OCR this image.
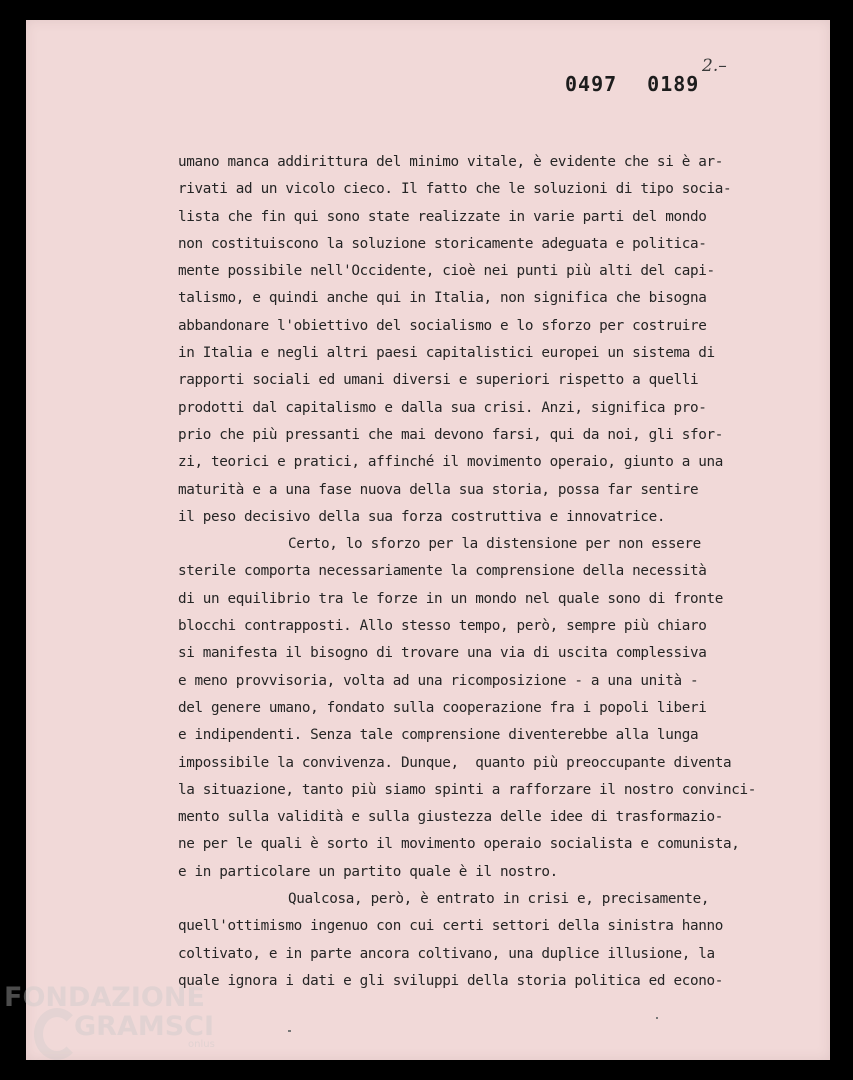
0497 0189
2.–
umano manca addirittura del minimo vitale, è evidente che si è ar-
rivati ad un vicolo cieco. Il fatto che le soluzioni di tipo socia-
lista che fin qui sono state realizzate in varie parti del mondo
non costituiscono la soluzione storicamente adeguata e politica-
mente possibile nell'Occidente, cioè nei punti più alti del capi-
talismo, e quindi anche qui in Italia, non significa che bisogna
abbandonare l'obiettivo del socialismo e lo sforzo per costruire
in Italia e negli altri paesi capitalistici europei un sistema di
rapporti sociali ed umani diversi e superiori rispetto a quelli
prodotti dal capitalismo e dalla sua crisi. Anzi, significa pro-
prio che più pressanti che mai devono farsi, qui da noi, gli sfor-
zi, teorici e pratici, affinché il movimento operaio, giunto a una
maturità e a una fase nuova della sua storia, possa far sentire
il peso decisivo della sua forza costruttiva e innovatrice.
Certo, lo sforzo per la distensione per non essere
sterile comporta necessariamente la comprensione della necessità
di un equilibrio tra le forze in un mondo nel quale sono di fronte
blocchi contrapposti. Allo stesso tempo, però, sempre più chiaro
si manifesta il bisogno di trovare una via di uscita complessiva
e meno provvisoria, volta ad una ricomposizione - a una unità -
del genere umano, fondato sulla cooperazione fra i popoli liberi
e indipendenti. Senza tale comprensione diventerebbe alla lunga
impossibile la convivenza. Dunque,  quanto più preoccupante diventa
la situazione, tanto più siamo spinti a rafforzare il nostro convinci-
mento sulla validità e sulla giustezza delle idee di trasformazio-
ne per le quali è sorto il movimento operaio socialista e comunista,
e in particolare un partito quale è il nostro.
Qualcosa, però, è entrato in crisi e, precisamente,
quell'ottimismo ingenuo con cui certi settori della sinistra hanno
coltivato, e in parte ancora coltivano, una duplice illusione, la
quale ignora i dati e gli sviluppi della storia politica ed econo-
FONDAZIONE
GRAMSCI
onlus
